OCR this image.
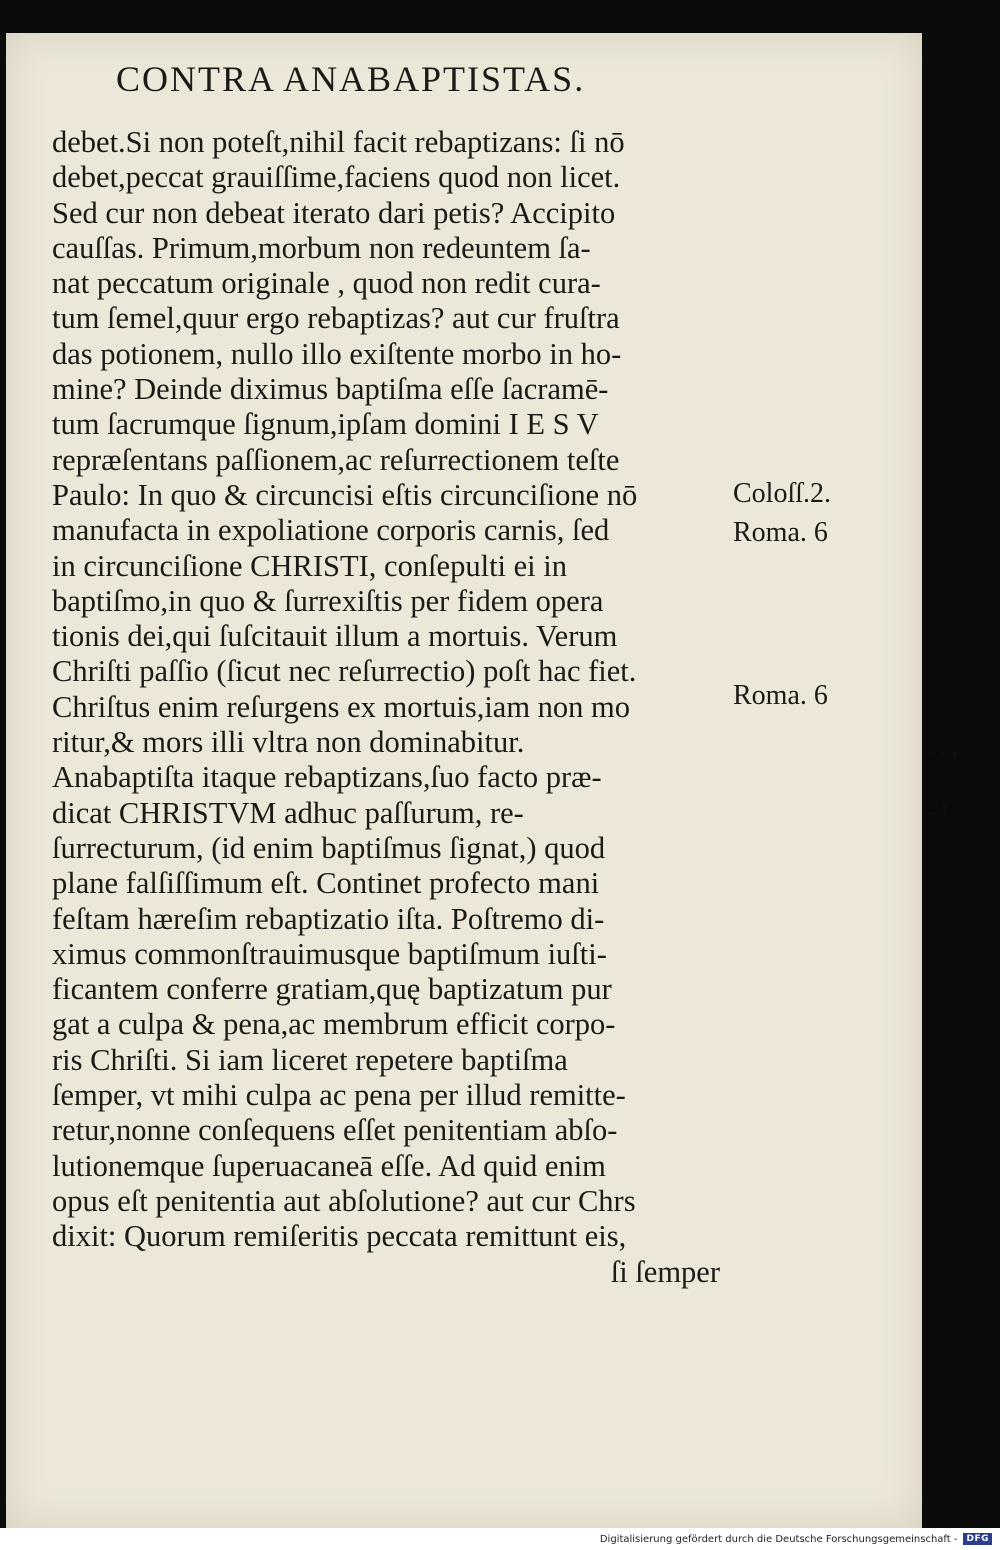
CONTRA ANABAPTISTAS.
debet.Si non poteſt,nihil facit rebaptizans: ſi nō
debet,peccat grauiſſime,faciens quod non licet.
Sed cur non debeat iterato dari petis? Accipito
cauſſas. Primum,morbum non redeuntem ſa-
nat peccatum originale , quod non redit cura-
tum ſemel,quur ergo rebaptizas? aut cur fruſtra
das potionem, nullo illo exiſtente morbo in ho-
mine? Deinde diximus baptiſma eſſe ſacramē-
tum ſacrumque ſignum,ipſam domini I E S V
repræſentans paſſionem,ac reſurrectionem teſte
Paulo: In quo & circuncisi eſtis circunciſione nō
manufacta in expoliatione corporis carnis, ſed
in circunciſione CHRISTI, conſepulti ei in
baptiſmo,in quo & ſurrexiſtis per fidem opera
tionis dei,qui ſuſcitauit illum a mortuis. Verum
Chriſti paſſio (ſicut nec reſurrectio) poſt hac fiet.
Chriſtus enim reſurgens ex mortuis,iam non mo
ritur,& mors illi vltra non dominabitur.
Anabaptiſta itaque rebaptizans,ſuo facto præ-
dicat CHRISTVM adhuc paſſurum, re-
ſurrecturum, (id enim baptiſmus ſignat,) quod
plane falſiſſimum eſt. Continet profecto mani
feſtam hæreſim rebaptizatio iſta. Poſtremo di-
ximus commonſtrauimusque baptiſmum iuſti-
ficantem conferre gratiam,quę baptizatum pur
gat a culpa & pena,ac membrum efficit corpo-
ris Chriſti. Si iam liceret repetere baptiſma
ſemper, vt mihi culpa ac pena per illud remitte-
retur,nonne conſequens eſſet penitentiam abſo-
lutionemque ſuperuacaneā eſſe. Ad quid enim
opus eſt penitentia aut abſolutione? aut cur Chrs
dixit: Quorum remiſeritis peccata remittunt eis,
ſi ſemper
Coloſſ.2.
Roma. 6
Roma. 6
. . ,
. :
Digitalisierung gefördert durch die Deutsche Forschungsgemeinschaft -	DFG
